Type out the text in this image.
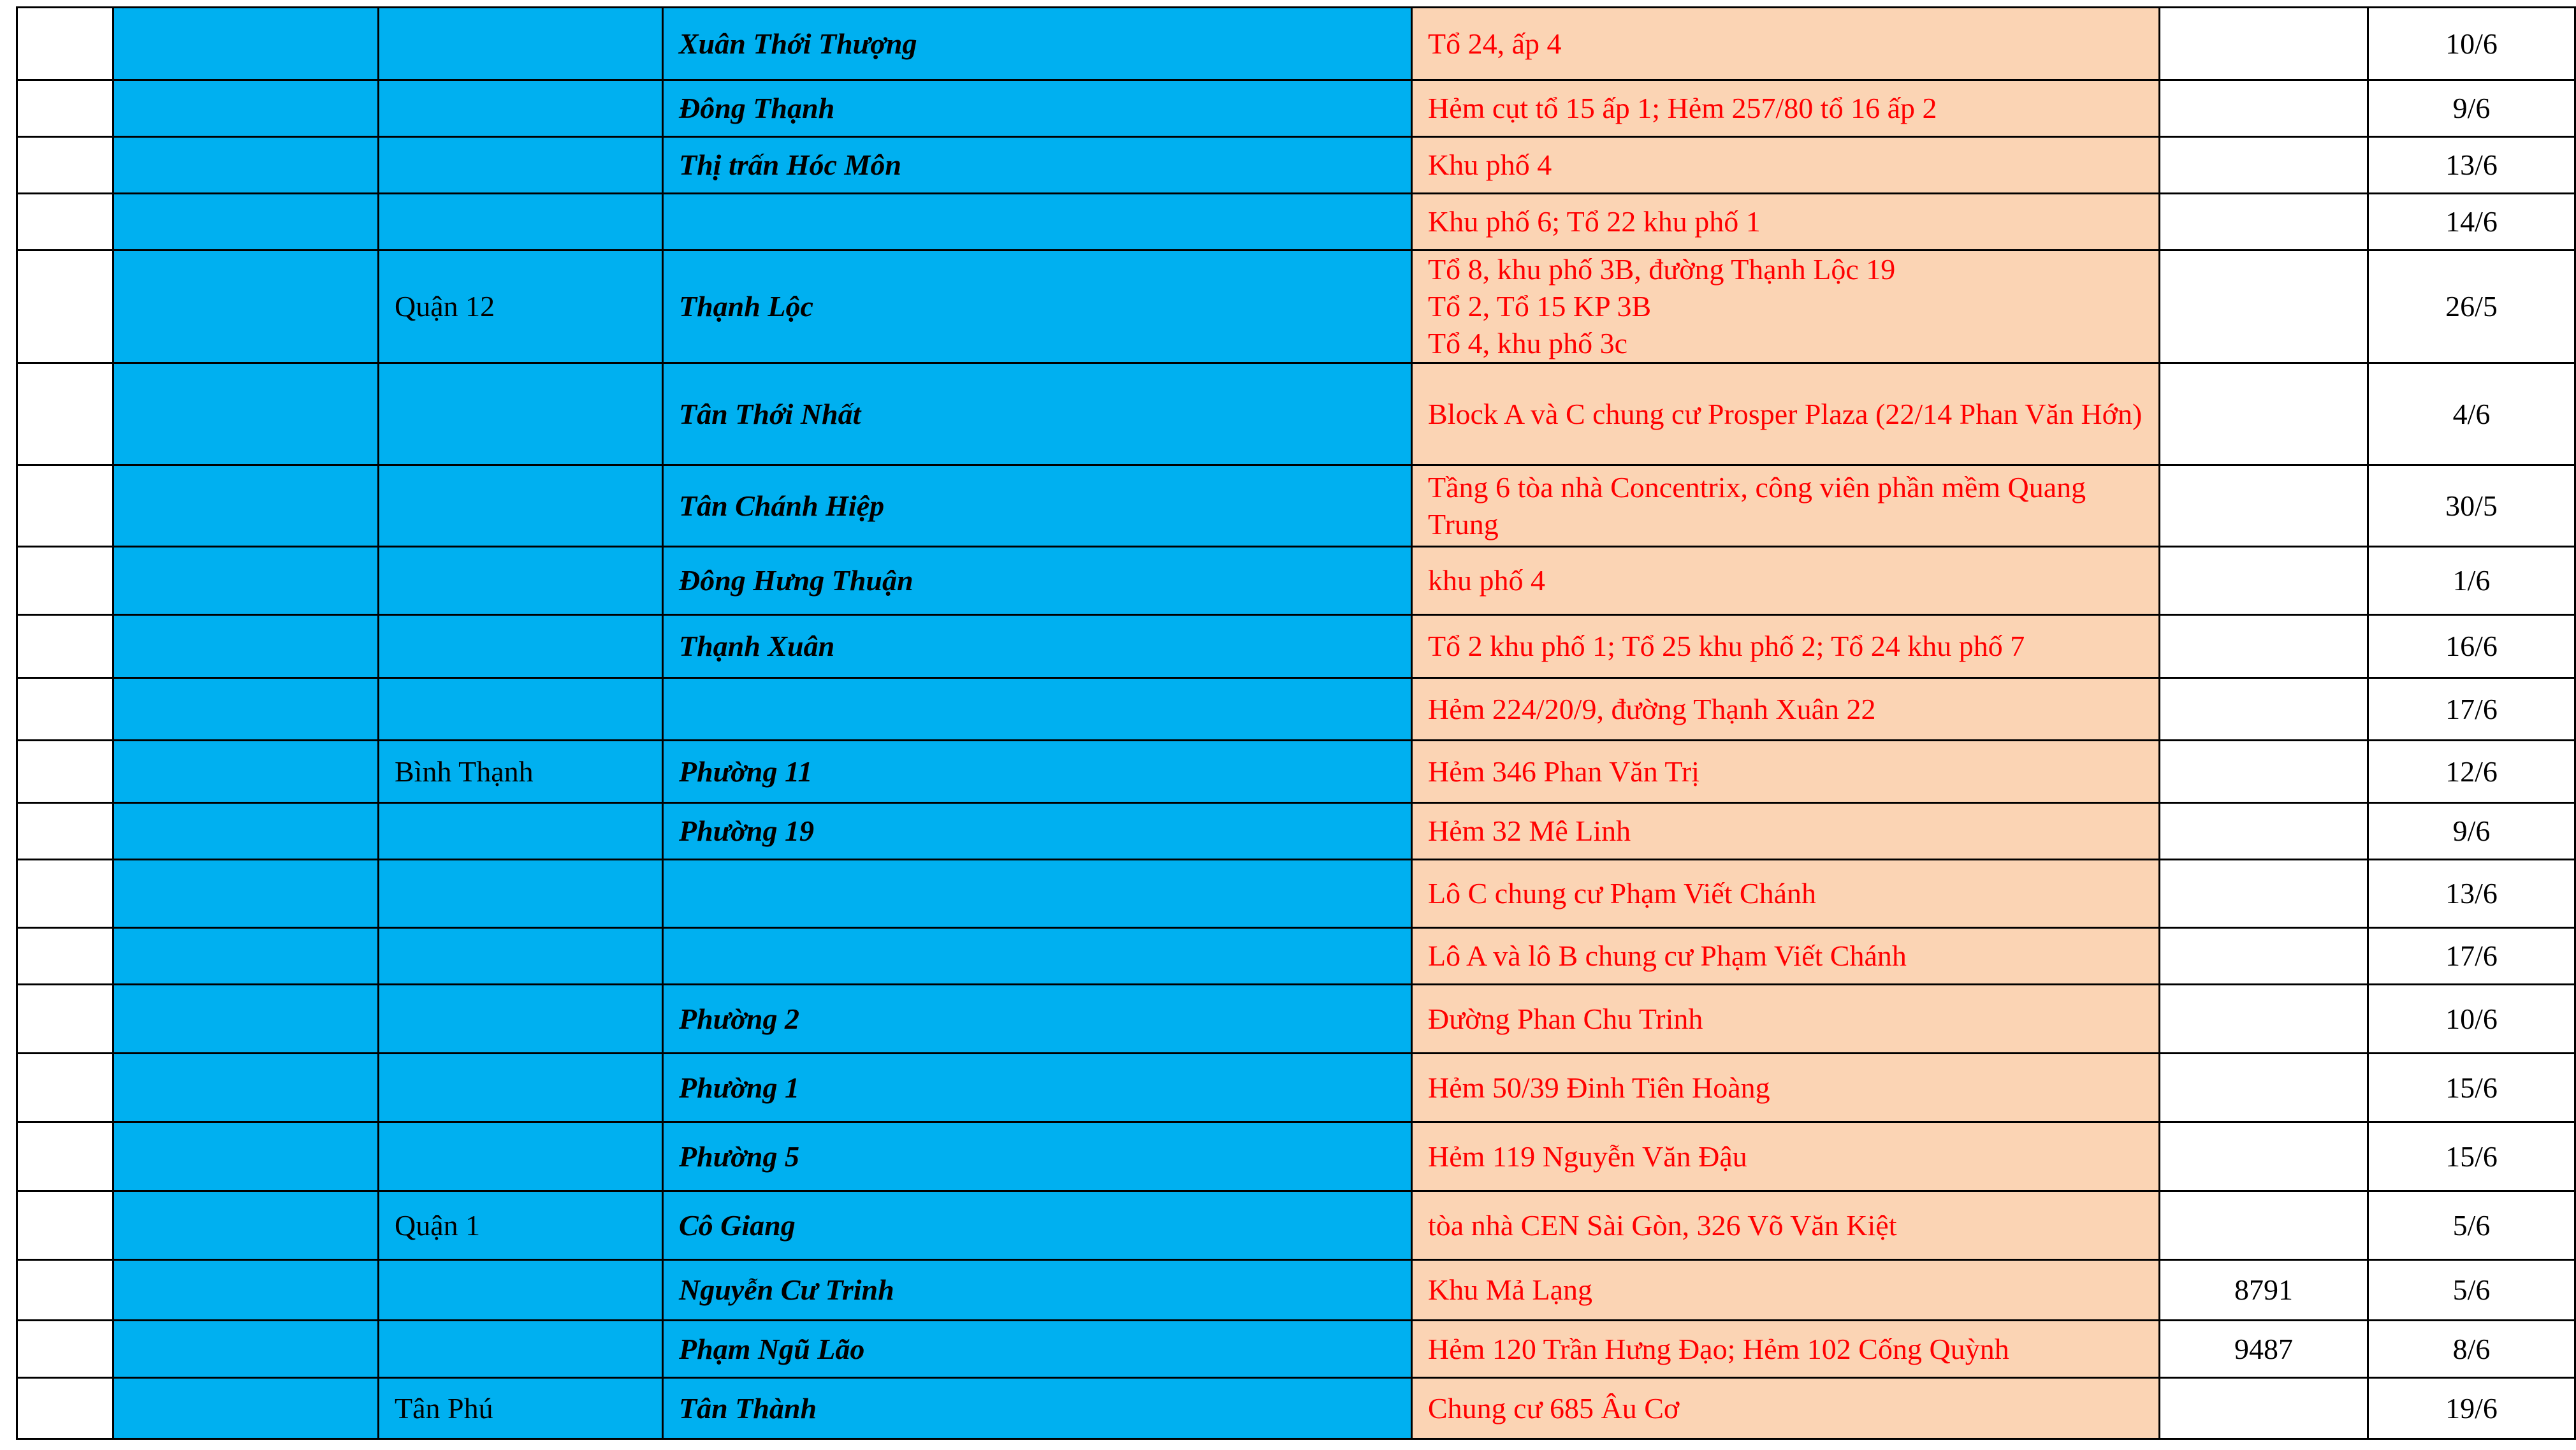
			Xuân Thới Thượng	Tổ 24, ấp 4		10/6
			Đông Thạnh	Hẻm cụt tổ 15 ấp 1; Hẻm 257/80 tổ 16 ấp 2		9/6
			Thị trấn Hóc Môn	Khu phố 4		13/6
				Khu phố 6; Tổ 22 khu phố 1		14/6
		Quận 12	Thạnh Lộc	Tổ 8, khu phố 3B, đường Thạnh Lộc 19
Tổ 2, Tổ 15 KP 3B
Tổ 4, khu phố 3c		26/5
			Tân Thới Nhất	Block A và C chung cư Prosper Plaza (22/14 Phan Văn Hớn)		4/6
			Tân Chánh Hiệp	Tầng 6 tòa nhà Concentrix, công viên phần mềm Quang Trung		30/5
			Đông Hưng Thuận	khu phố 4		1/6
			Thạnh Xuân	Tổ 2 khu phố 1; Tổ 25 khu phố 2; Tổ 24 khu phố 7		16/6
				Hẻm 224/20/9, đường Thạnh Xuân 22		17/6
		Bình Thạnh	Phường 11	Hẻm 346 Phan Văn Trị		12/6
			Phường 19	Hẻm 32 Mê Linh		9/6
				Lô C chung cư Phạm Viết Chánh		13/6
				Lô A và lô B chung cư Phạm Viết Chánh		17/6
			Phường 2	Đường Phan Chu Trinh		10/6
			Phường 1	Hẻm 50/39 Đinh Tiên Hoàng		15/6
			Phường 5	Hẻm 119 Nguyễn Văn Đậu		15/6
		Quận 1	Cô Giang	tòa nhà CEN Sài Gòn, 326 Võ Văn Kiệt		5/6
			Nguyễn Cư Trinh	Khu Mả Lạng	8791	5/6
			Phạm Ngũ Lão	Hẻm 120 Trần Hưng Đạo; Hẻm 102 Cống Quỳnh	9487	8/6
		Tân Phú	Tân Thành	Chung cư 685 Âu Cơ		19/6
